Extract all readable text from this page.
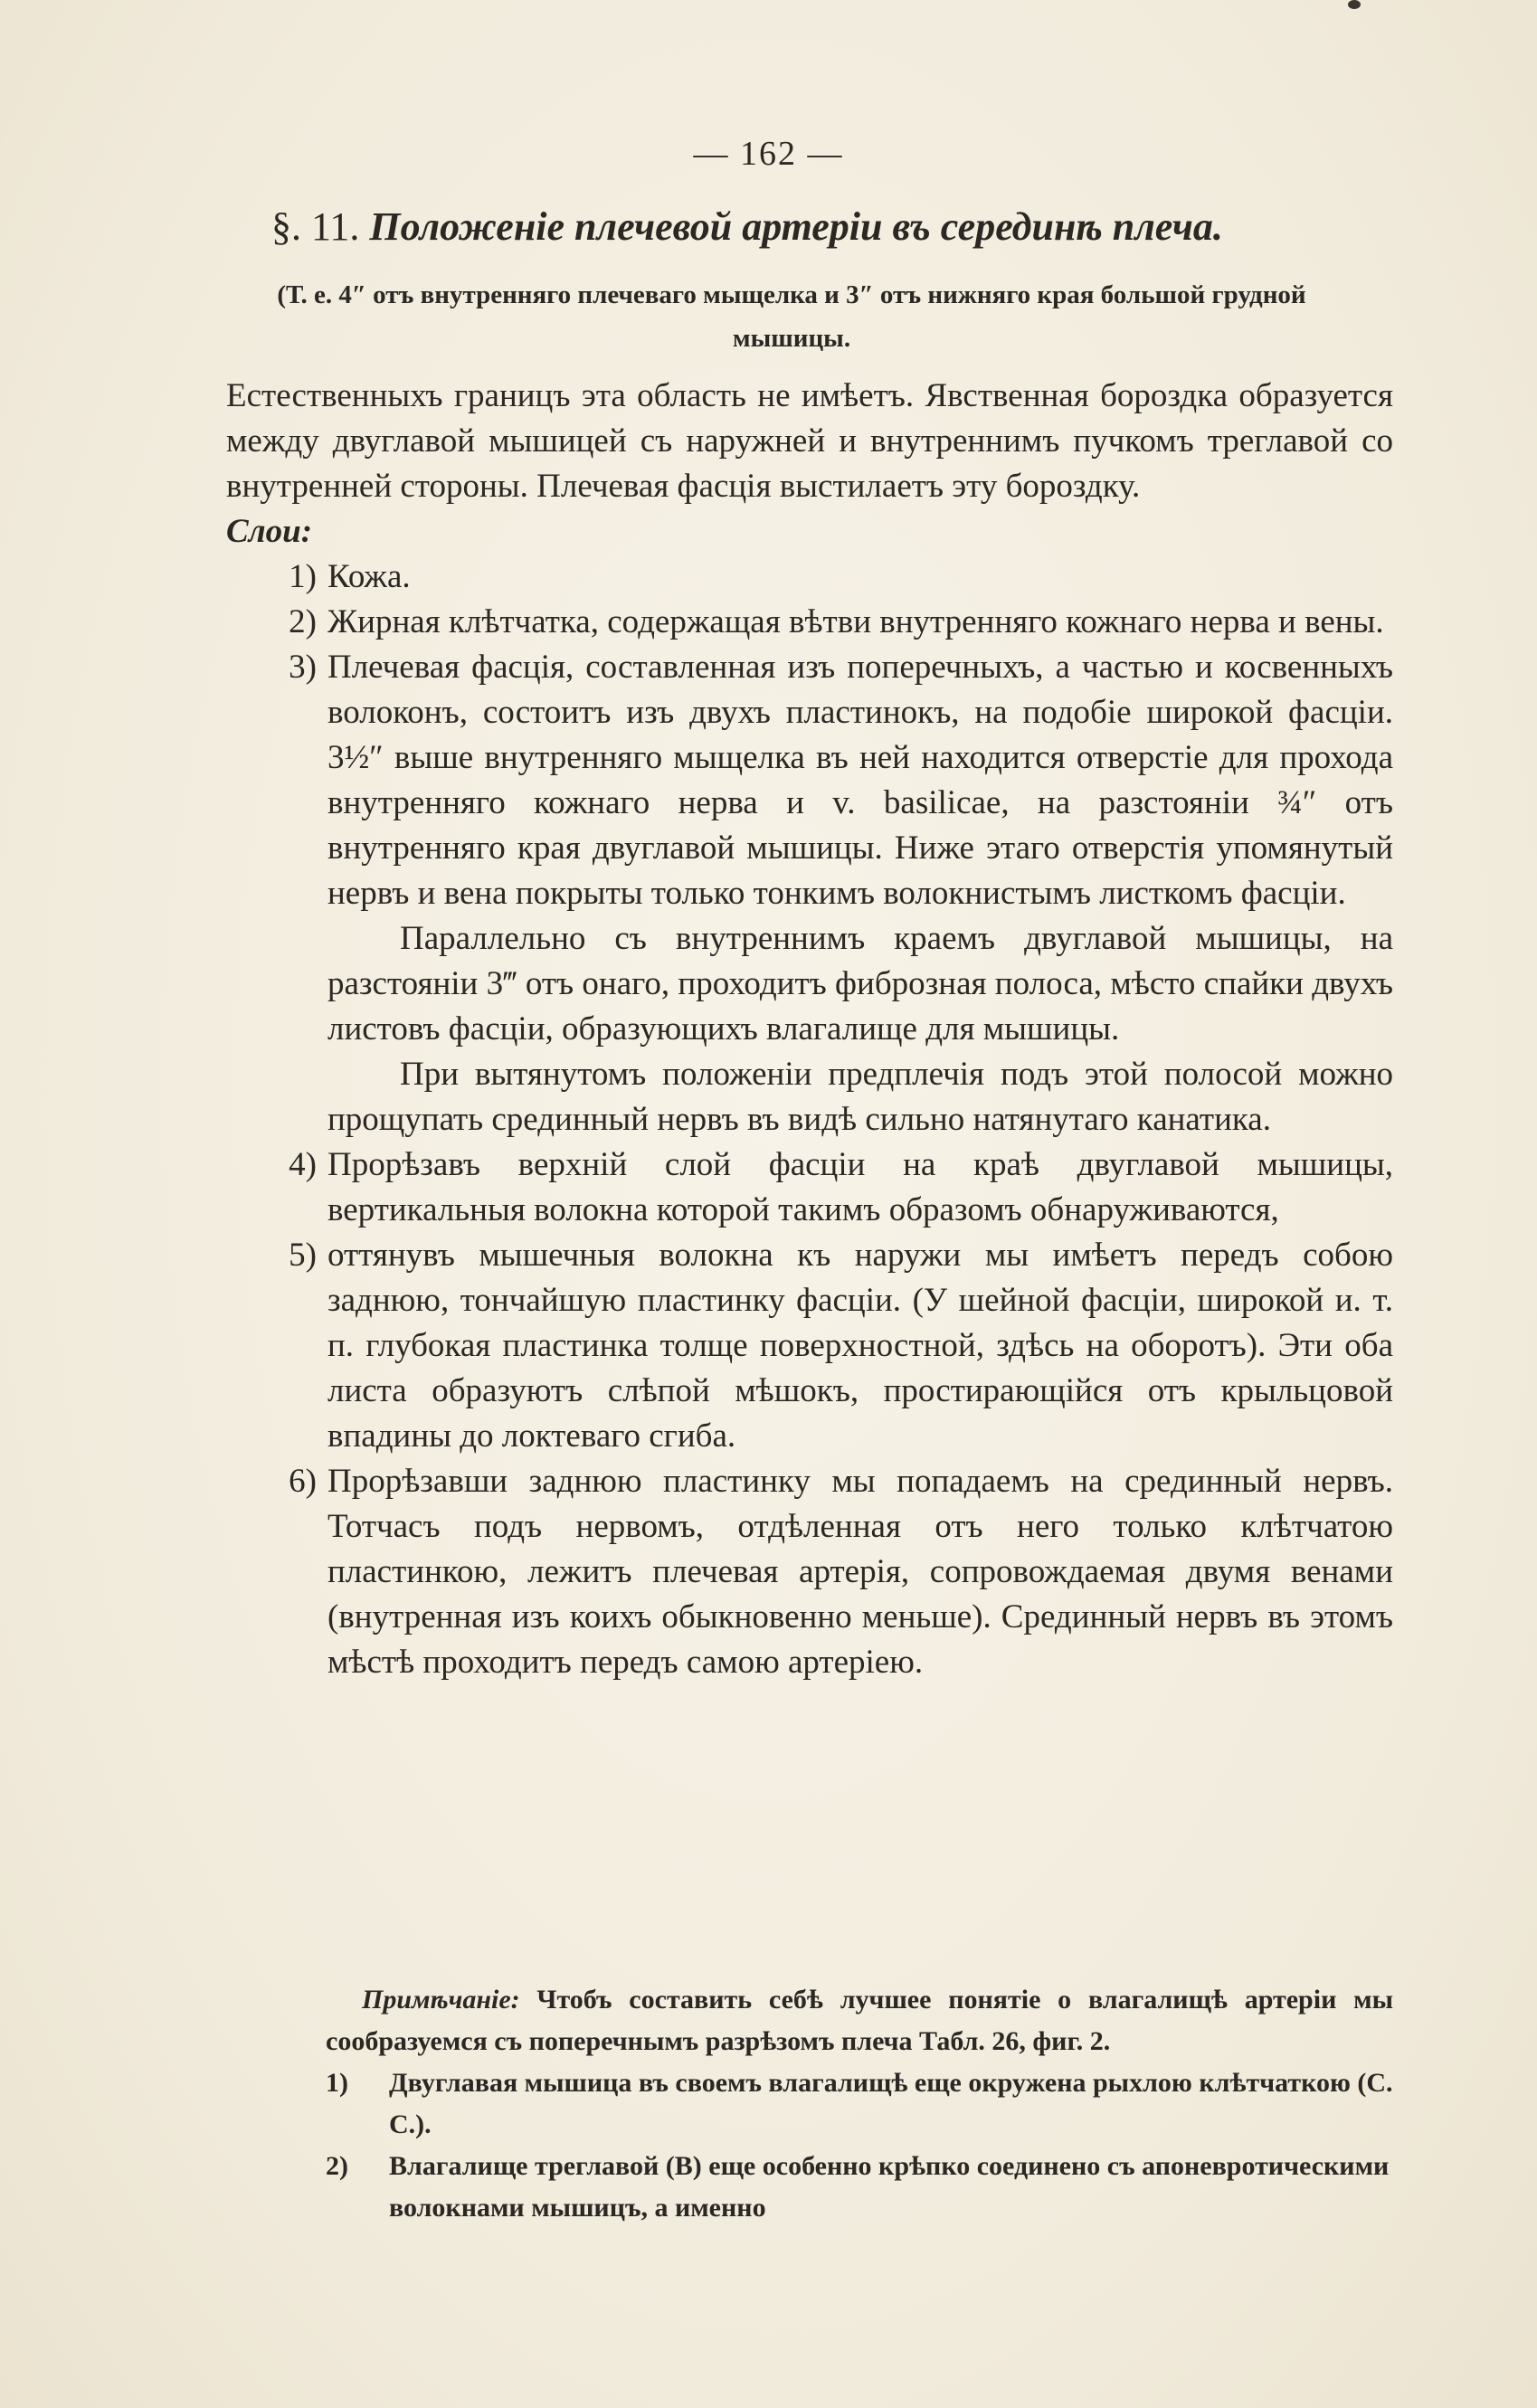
— 162 —
§. 11. Положеніе плечевой артеріи въ серединѣ плеча.
(Т. е. 4″ отъ внутренняго плечеваго мыщелка и 3″ отъ нижняго края большой грудной мышицы.

Естественныхъ границъ эта область не имѣетъ. Явственная бороздка образуется между двуглавой мышицей съ наружней и внутреннимъ пучкомъ треглавой со внутренней стороны. Плечевая фасція выстилаетъ эту бороздку.

Слои:

1) Кожа.
2) Жирная клѣтчатка, содержащая вѣтви внутренняго кожнаго нерва и вены.
3) Плечевая фасція, составленная изъ поперечныхъ, а частью и косвенныхъ волоконъ, состоитъ изъ двухъ пластинокъ, на подобіе широкой фасціи. 3½″ выше внутренняго мыщелка въ ней находится отверстіе для прохода внутренняго кожнаго нерва и v. basilicae, на разстояніи ¾″ отъ внутренняго края двуглавой мышицы. Ниже этаго отверстія упомянутый нервъ и вена покрыты только тонкимъ волокнистымъ листкомъ фасціи.

Параллельно съ внутреннимъ краемъ двуглавой мышицы, на разстояніи 3‴ отъ онаго, проходитъ фиброзная полоса, мѣсто спайки двухъ листовъ фасціи, образующихъ влагалище для мышицы.

При вытянутомъ положеніи предплечія подъ этой полосой можно прощупать срединный нервъ въ видѣ сильно натянутаго канатика.

4) Прорѣзавъ верхній слой фасціи на краѣ двуглавой мышицы, вертикальныя волокна которой такимъ образомъ обнаруживаются,
5) оттянувъ мышечныя волокна къ наружи мы имѣетъ передъ собою заднюю, тончайшую пластинку фасціи. (У шейной фасціи, широкой и. т. п. глубокая пластинка толще поверхностной, здѣсь на оборотъ). Эти оба листа образуютъ слѣпой мѣшокъ, простирающійся отъ крыльцовой впадины до локтеваго сгиба.
6) Прорѣзавши заднюю пластинку мы попадаемъ на срединный нервъ. Тотчасъ подъ нервомъ, отдѣленная отъ него только клѣтчатою пластинкою, лежитъ плечевая артерія, сопровождаемая двумя венами (внутренная изъ коихъ обыкновенно меньше). Срединный нервъ въ этомъ мѣстѣ проходитъ передъ самою артеріею.

Примѣчаніе: Чтобъ составить себѣ лучшее понятіе о влагалищѣ артеріи мы сообразуемся съ поперечнымъ разрѣзомъ плеча Табл. 26, фиг. 2.

1)	Двуглавая мышица въ своемъ влагалищѣ еще окружена рыхлою клѣтчаткою (С. С.).
2)	Влагалище треглавой (В) еще особенно крѣпко соединено съ апоневротическими волокнами мышицъ, а именно
